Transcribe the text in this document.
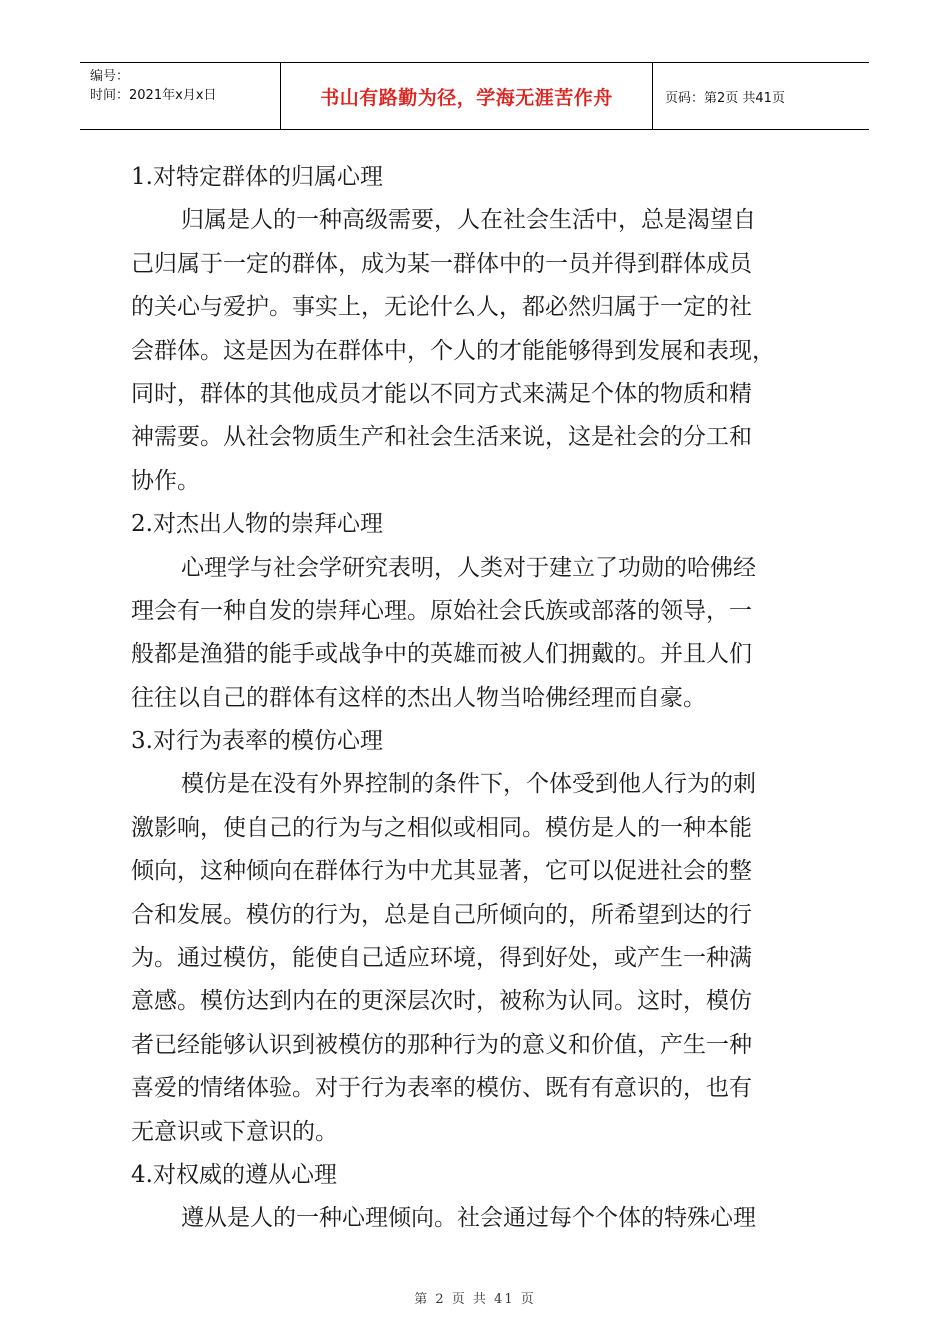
编号：
时间：2021年x月x日	书山有路勤为径，学海无涯苦作舟	页码：第2页 共41页
1.对特定群体的归属心理
归属是人的一种高级需要，人在社会生活中，总是渴望自
己归属于一定的群体，成为某一群体中的一员并得到群体成员
的关心与爱护。事实上，无论什么人，都必然归属于一定的社
会群体。这是因为在群体中，个人的才能能够得到发展和表现，
同时，群体的其他成员才能以不同方式来满足个体的物质和精
神需要。从社会物质生产和社会生活来说，这是社会的分工和
协作。
2.对杰出人物的崇拜心理
心理学与社会学研究表明，人类对于建立了功勋的哈佛经
理会有一种自发的崇拜心理。原始社会氏族或部落的领导，一
般都是渔猎的能手或战争中的英雄而被人们拥戴的。并且人们
往往以自己的群体有这样的杰出人物当哈佛经理而自豪。
3.对行为表率的模仿心理
模仿是在没有外界控制的条件下，个体受到他人行为的刺
激影响，使自己的行为与之相似或相同。模仿是人的一种本能
倾向，这种倾向在群体行为中尤其显著，它可以促进社会的整
合和发展。模仿的行为，总是自己所倾向的，所希望到达的行
为。通过模仿，能使自己适应环境，得到好处，或产生一种满
意感。模仿达到内在的更深层次时，被称为认同。这时，模仿
者已经能够认识到被模仿的那种行为的意义和价值，产生一种
喜爱的情绪体验。对于行为表率的模仿、既有有意识的，也有
无意识或下意识的。
4.对权威的遵从心理
遵从是人的一种心理倾向。社会通过每个个体的特殊心理
第 2 页 共 41 页
